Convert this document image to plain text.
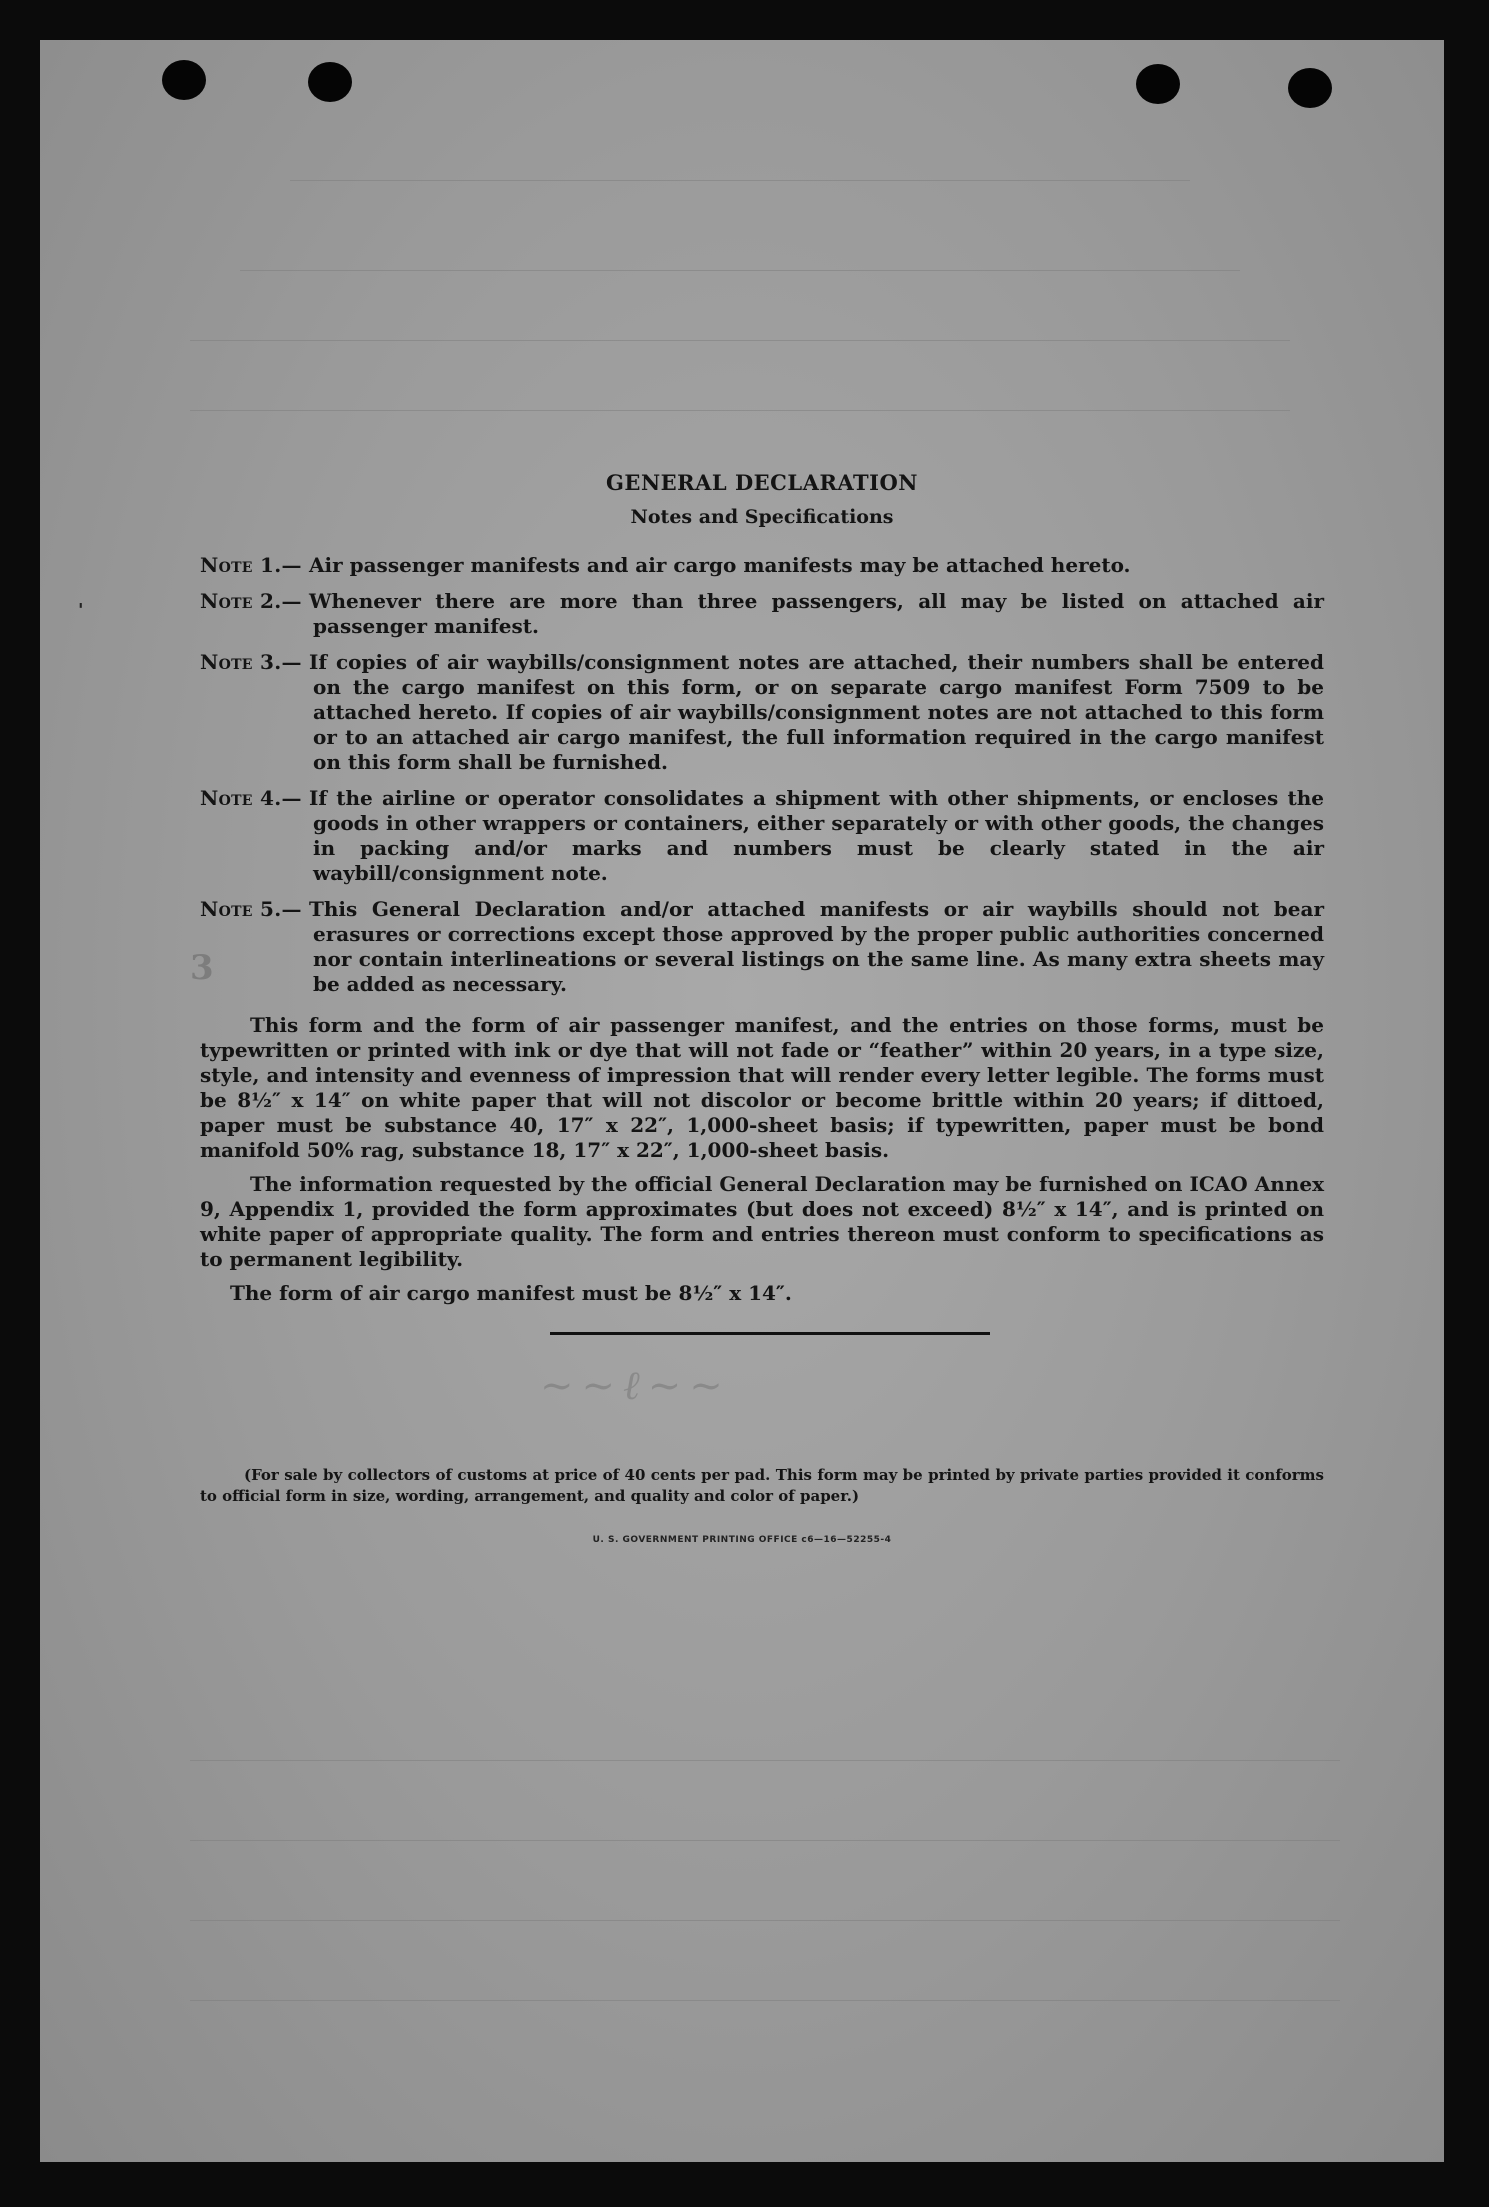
'
3
GENERAL DECLARATION
Notes and Specifications
Note 1.— Air passenger manifests and air cargo manifests may be attached hereto.
Note 2.— Whenever there are more than three passengers, all may be listed on attached air passenger manifest.
Note 3.— If copies of air waybills/consignment notes are attached, their numbers shall be entered on the cargo manifest on this form, or on separate cargo manifest Form 7509 to be attached hereto. If copies of air waybills/consignment notes are not attached to this form or to an attached air cargo manifest, the full information required in the cargo manifest on this form shall be furnished.
Note 4.— If the airline or operator consolidates a shipment with other shipments, or encloses the goods in other wrappers or containers, either separately or with other goods, the changes in packing and/or marks and numbers must be clearly stated in the air waybill/consignment note.
Note 5.— This General Declaration and/or attached manifests or air waybills should not bear erasures or corrections except those approved by the proper public authorities concerned nor contain interlineations or several listings on the same line. As many extra sheets may be added as necessary.
This form and the form of air passenger manifest, and the entries on those forms, must be typewritten or printed with ink or dye that will not fade or “feather” within 20 years, in a type size, style, and intensity and evenness of impression that will render every letter legible. The forms must be 8½″ x 14″ on white paper that will not discolor or become brittle within 20 years; if dittoed, paper must be substance 40, 17″ x 22″, 1,000-sheet basis; if typewritten, paper must be bond manifold 50% rag, substance 18, 17″ x 22″, 1,000-sheet basis.
The information requested by the official General Declaration may be furnished on ICAO Annex 9, Appendix 1, provided the form approximates (but does not exceed) 8½″ x 14″, and is printed on white paper of appropriate quality. The form and entries thereon must conform to specifications as to permanent legibility.
The form of air cargo manifest must be 8½″ x 14″.
~~ℓ~~
(For sale by collectors of customs at price of 40 cents per pad. This form may be printed by private parties provided it conforms to official form in size, wording, arrangement, and quality and color of paper.)
U. S. GOVERNMENT PRINTING OFFICE c6—16—52255-4
